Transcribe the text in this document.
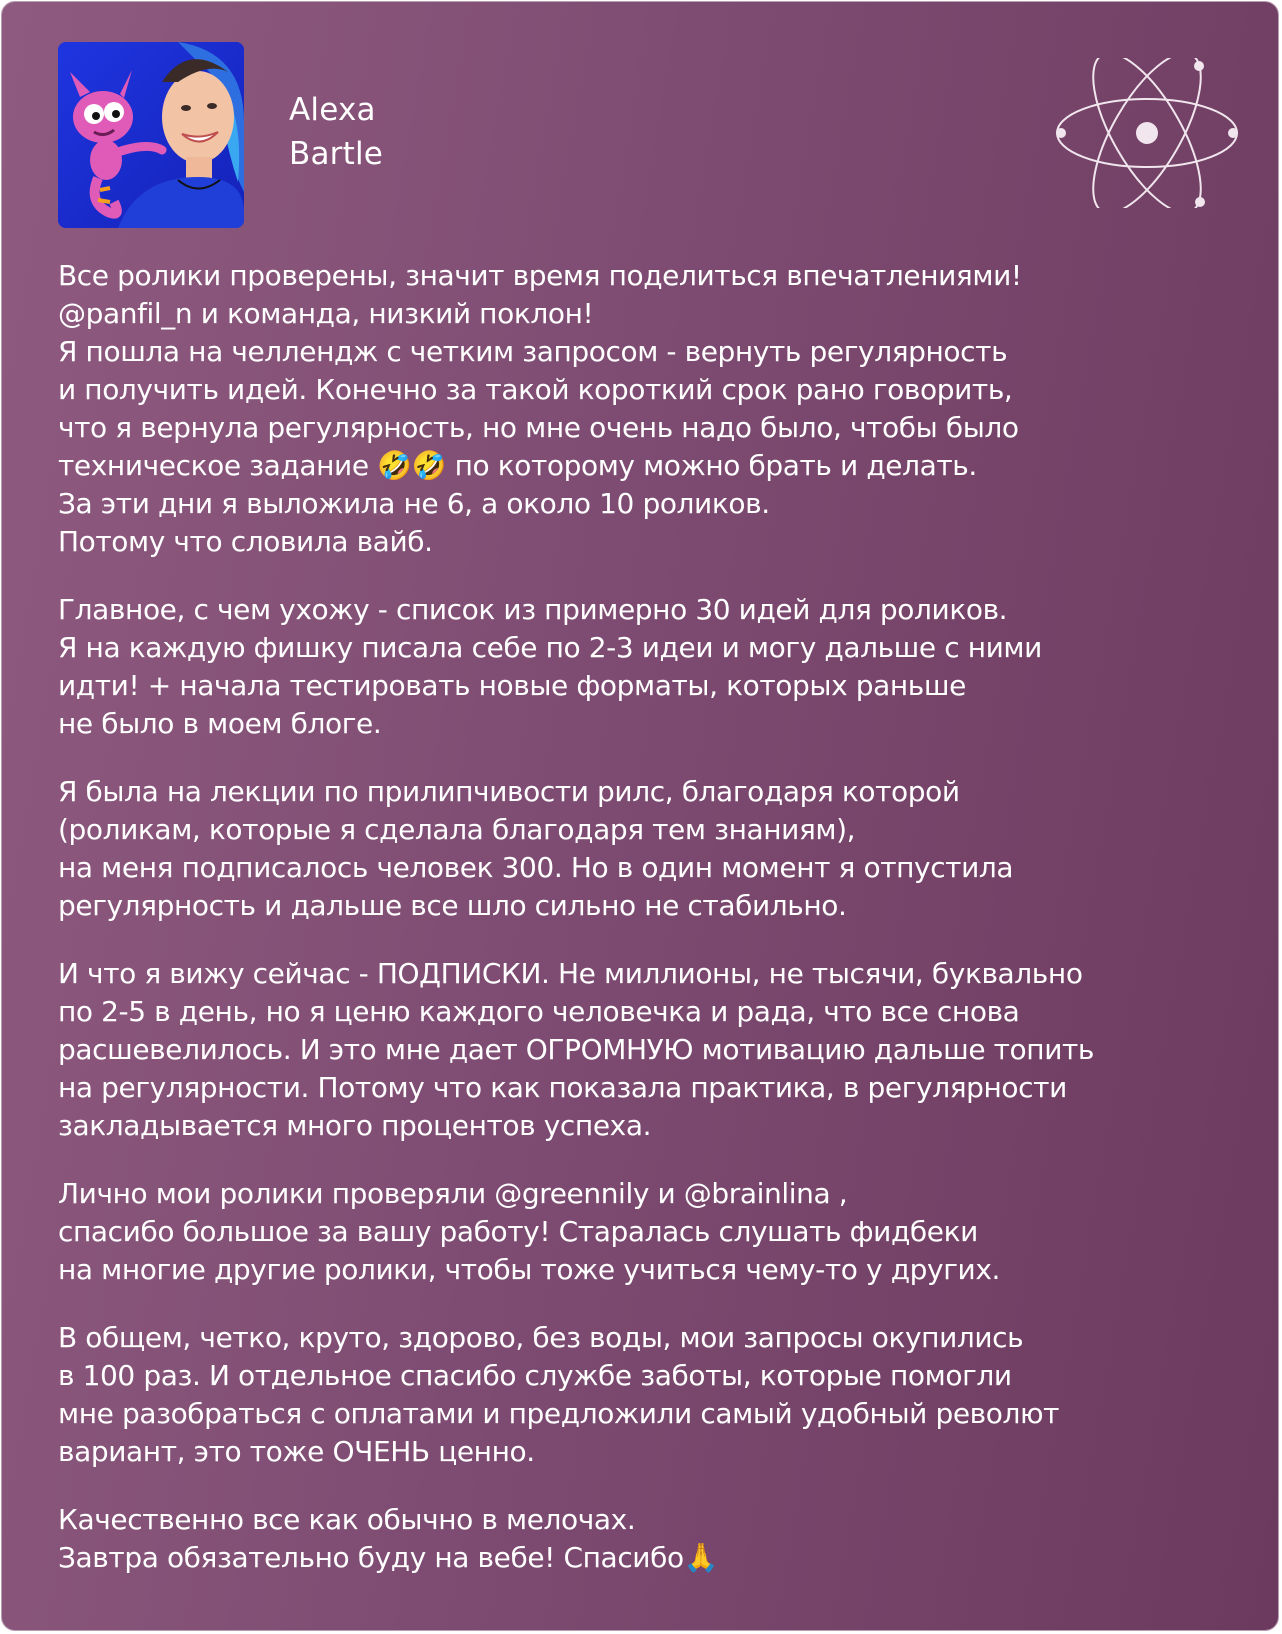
Alexa
Bartle
Все ролики проверены, значит время поделиться впечатлениями!
@panfil_n и команда, низкий поклон!
Я пошла на челлендж с четким запросом - вернуть регулярность
и получить идей. Конечно за такой короткий срок рано говорить,
что я вернула регулярность, но мне очень надо было, чтобы было
техническое задание 🤣🤣 по которому можно брать и делать.
За эти дни я выложила не 6, а около 10 роликов.
Потому что словила вайб.
Главное, с чем ухожу - список из примерно 30 идей для роликов.
Я на каждую фишку писала себе по 2-3 идеи и могу дальше с ними
идти! + начала тестировать новые форматы, которых раньше
не было в моем блоге.
Я была на лекции по прилипчивости рилс, благодаря которой
(роликам, которые я сделала благодаря тем знаниям),
на меня подписалось человек 300. Но в один момент я отпустила
регулярность и дальше все шло сильно не стабильно.
И что я вижу сейчас - ПОДПИСКИ. Не миллионы, не тысячи, буквально
по 2-5 в день, но я ценю каждого человечка и рада, что все снова
расшевелилось. И это мне дает ОГРОМНУЮ мотивацию дальше топить
на регулярности. Потому что как показала практика, в регулярности
закладывается много процентов успеха.
Лично мои ролики проверяли @greennily и @brainlina ,
спасибо большое за вашу работу! Старалась слушать фидбеки
на многие другие ролики, чтобы тоже учиться чему-то у других.
В общем, четко, круто, здорово, без воды, мои запросы окупились
в 100 раз. И отдельное спасибо службе заботы, которые помогли
мне разобраться с оплатами и предложили самый удобный револют
вариант, это тоже ОЧЕНЬ ценно.
Качественно все как обычно в мелочах.
Завтра обязательно буду на вебе! Спасибо🙏
